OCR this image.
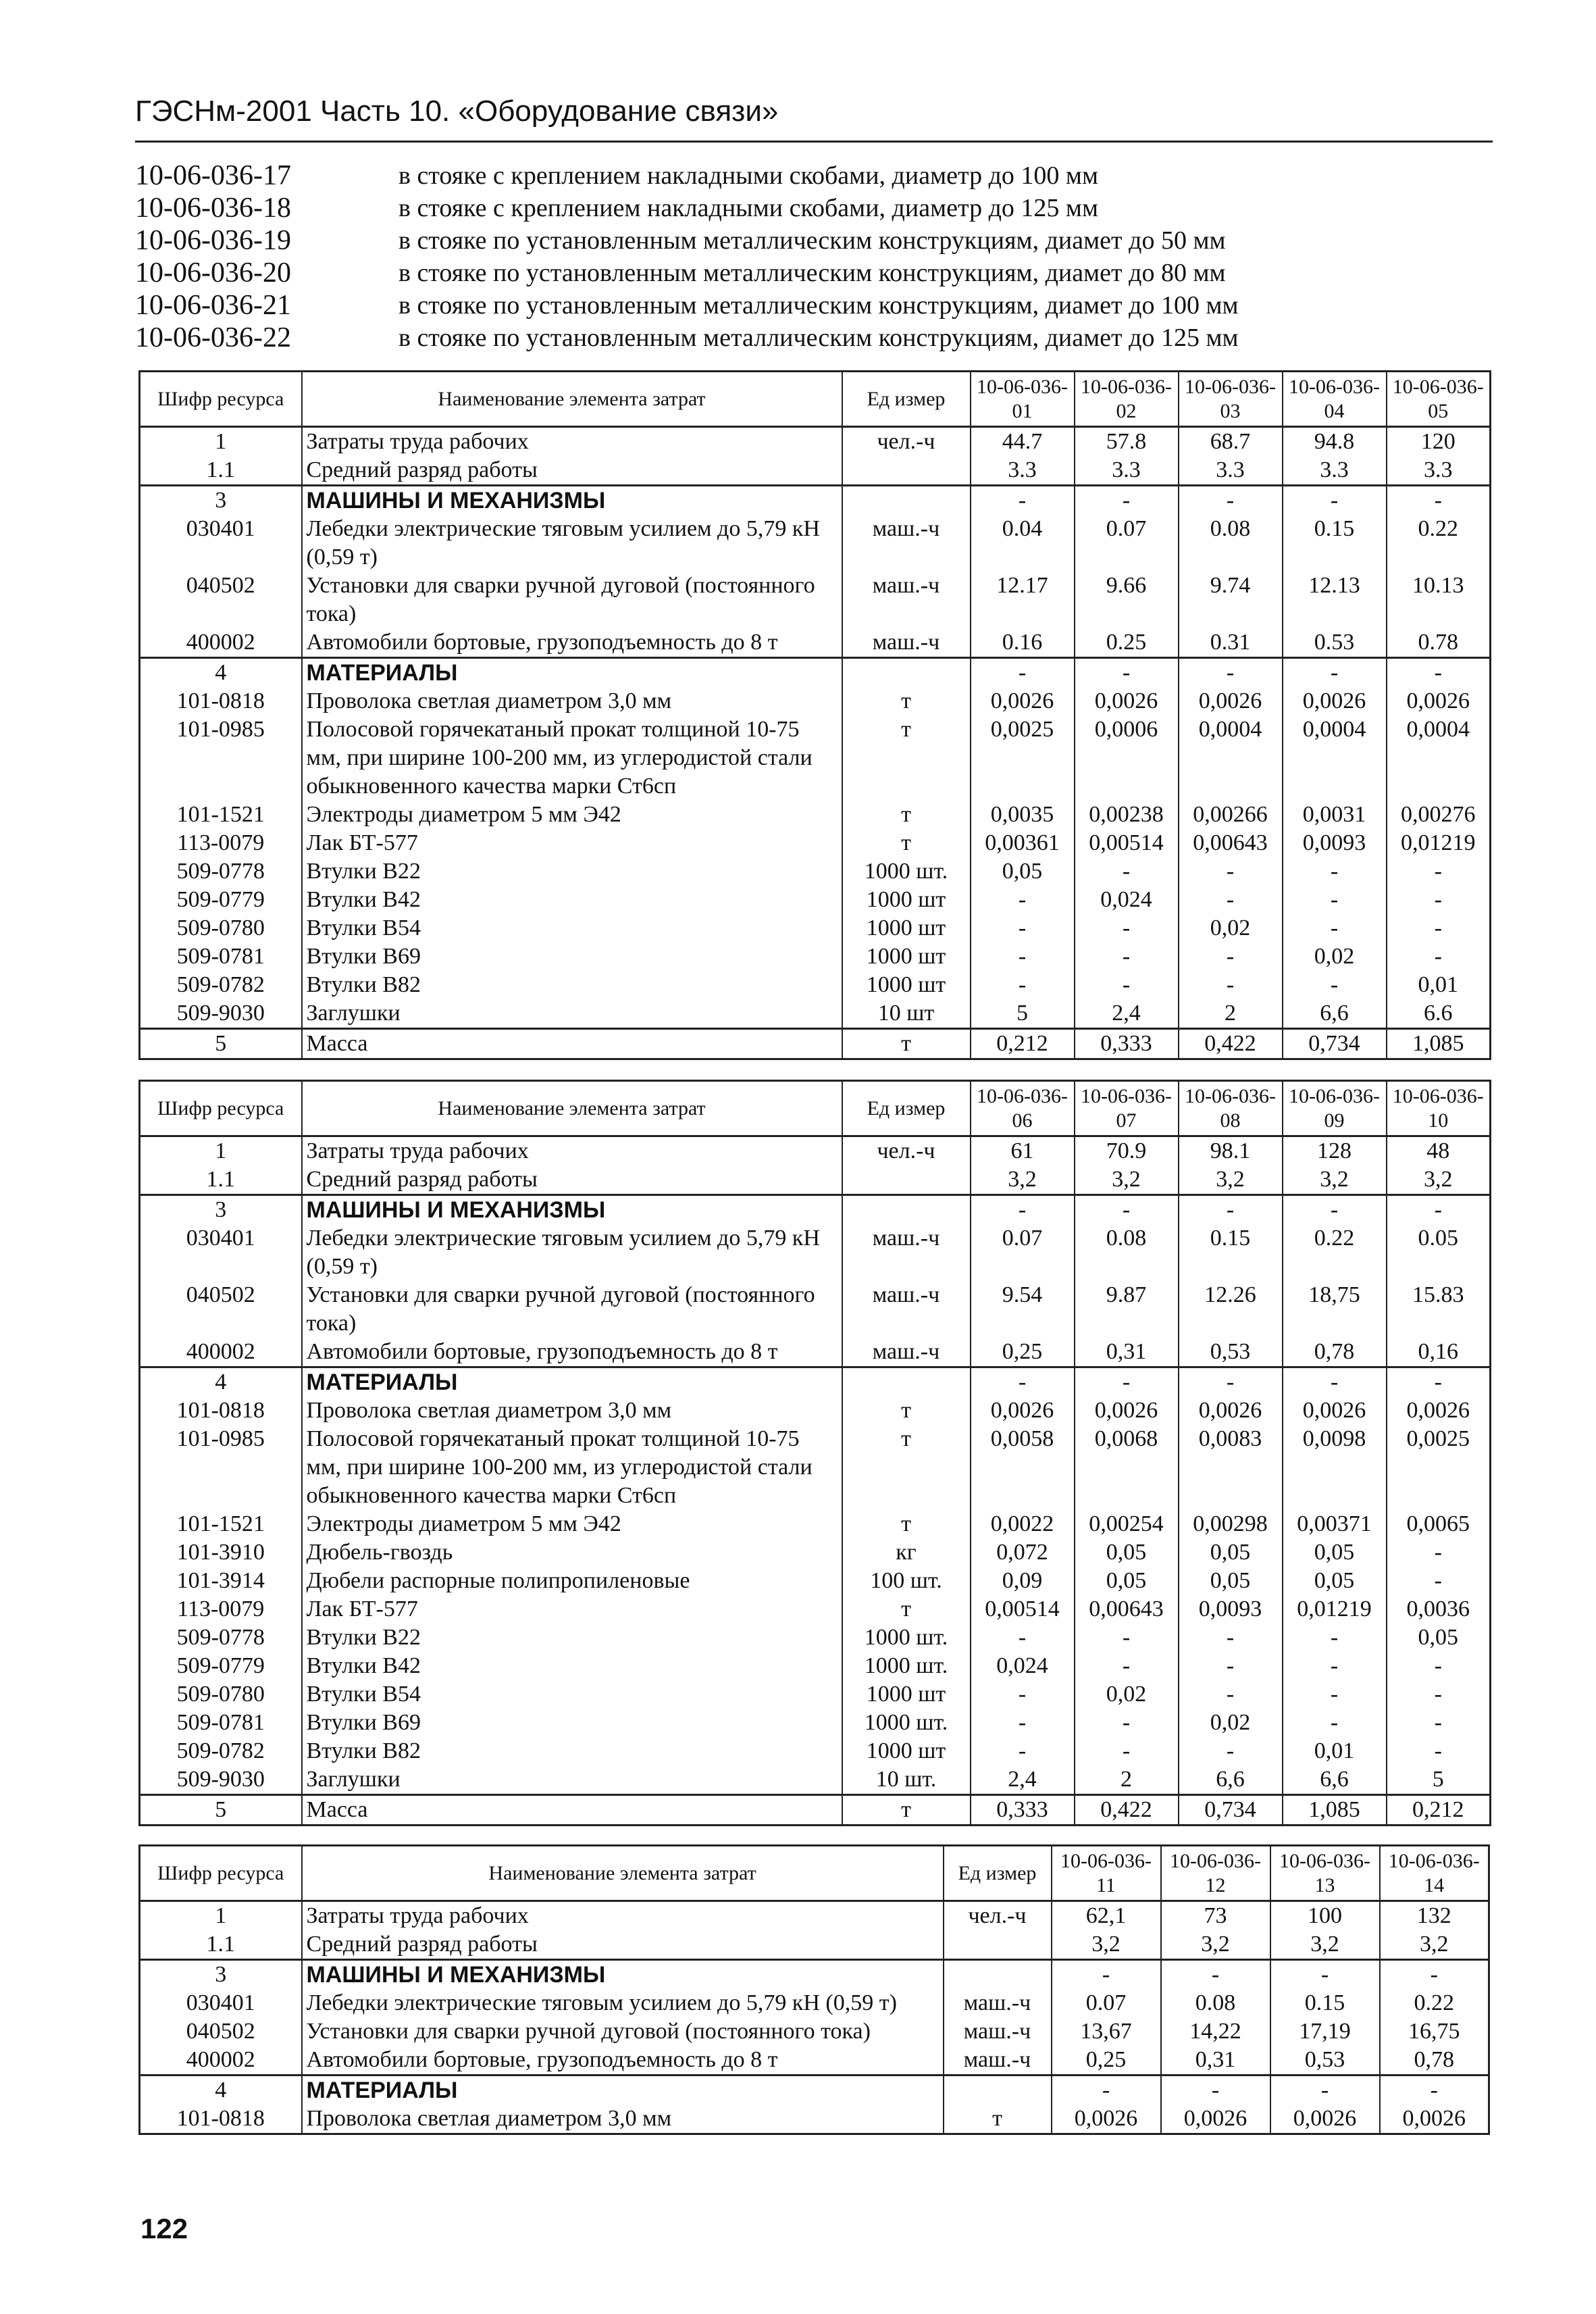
ГЭСНм-2001 Часть 10. «Оборудование связи»
10-06-036-17	в стояке с креплением накладными скобами, диаметр до 100 мм
10-06-036-18	в стояке с креплением накладными скобами, диаметр до 125 мм
10-06-036-19	в стояке по установленным металлическим конструкциям, диамет до 50 мм
10-06-036-20	в стояке по установленным металлическим конструкциям, диамет до 80 мм
10-06-036-21	в стояке по установленным металлическим конструкциям, диамет до 100 мм
10-06-036-22	в стояке по установленным металлическим конструкциям, диамет до 125 мм
Шифр ресурса	Наименование элемента затрат	Ед измер	10-06-036-01	10-06-036-02	10-06-036-03	10-06-036-04	10-06-036-05
1	Затраты труда рабочих	чел.-ч	44.7	57.8	68.7	94.8	120
1.1	Средний разряд работы		3.3	3.3	3.3	3.3	3.3
3	МАШИНЫ И МЕХАНИЗМЫ		-	-	-	-	-
030401	Лебедки электрические тяговым усилием до 5,79 кН (0,59 т)	маш.-ч	0.04	0.07	0.08	0.15	0.22
040502	Установки для сварки ручной дуговой (постоянного тока)	маш.-ч	12.17	9.66	9.74	12.13	10.13
400002	Автомобили бортовые, грузоподъемность до 8 т	маш.-ч	0.16	0.25	0.31	0.53	0.78
4	МАТЕРИАЛЫ		-	-	-	-	-
101-0818	Проволока светлая диаметром 3,0 мм	т	0,0026	0,0026	0,0026	0,0026	0,0026
101-0985	Полосовой горячекатаный прокат толщиной 10-75 мм, при ширине 100-200 мм, из углеродистой стали обыкновенного качества марки Ст6сп	т	0,0025	0,0006	0,0004	0,0004	0,0004
101-1521	Электроды диаметром 5 мм Э42	т	0,0035	0,00238	0,00266	0,0031	0,00276
113-0079	Лак БТ-577	т	0,00361	0,00514	0,00643	0,0093	0,01219
509-0778	Втулки В22	1000 шт.	0,05	-	-	-	-
509-0779	Втулки В42	1000 шт	-	0,024	-	-	-
509-0780	Втулки В54	1000 шт	-	-	0,02	-	-
509-0781	Втулки В69	1000 шт	-	-	-	0,02	-
509-0782	Втулки В82	1000 шт	-	-	-	-	0,01
509-9030	Заглушки	10 шт	5	2,4	2	6,6	6.6
5	Масса	т	0,212	0,333	0,422	0,734	1,085
Шифр ресурса	Наименование элемента затрат	Ед измер	10-06-036-06	10-06-036-07	10-06-036-08	10-06-036-09	10-06-036-10
1	Затраты труда рабочих	чел.-ч	61	70.9	98.1	128	48
1.1	Средний разряд работы		3,2	3,2	3,2	3,2	3,2
3	МАШИНЫ И МЕХАНИЗМЫ		-	-	-	-	-
030401	Лебедки электрические тяговым усилием до 5,79 кН (0,59 т)	маш.-ч	0.07	0.08	0.15	0.22	0.05
040502	Установки для сварки ручной дуговой (постоянного тока)	маш.-ч	9.54	9.87	12.26	18,75	15.83
400002	Автомобили бортовые, грузоподъемность до 8 т	маш.-ч	0,25	0,31	0,53	0,78	0,16
4	МАТЕРИАЛЫ		-	-	-	-	-
101-0818	Проволока светлая диаметром 3,0 мм	т	0,0026	0,0026	0,0026	0,0026	0,0026
101-0985	Полосовой горячекатаный прокат толщиной 10-75 мм, при ширине 100-200 мм, из углеродистой стали обыкновенного качества марки Ст6сп	т	0,0058	0,0068	0,0083	0,0098	0,0025
101-1521	Электроды диаметром 5 мм Э42	т	0,0022	0,00254	0,00298	0,00371	0,0065
101-3910	Дюбель-гвоздь	кг	0,072	0,05	0,05	0,05	-
101-3914	Дюбели распорные полипропиленовые	100 шт.	0,09	0,05	0,05	0,05	-
113-0079	Лак БТ-577	т	0,00514	0,00643	0,0093	0,01219	0,0036
509-0778	Втулки В22	1000 шт.	-	-	-	-	0,05
509-0779	Втулки В42	1000 шт.	0,024	-	-	-	-
509-0780	Втулки В54	1000 шт	-	0,02	-	-	-
509-0781	Втулки В69	1000 шт.	-	-	0,02	-	-
509-0782	Втулки В82	1000 шт	-	-	-	0,01	-
509-9030	Заглушки	10 шт.	2,4	2	6,6	6,6	5
5	Масса	т	0,333	0,422	0,734	1,085	0,212
Шифр ресурса	Наименование элемента затрат	Ед измер	10-06-036-11	10-06-036-12	10-06-036-13	10-06-036-14
1	Затраты труда рабочих	чел.-ч	62,1	73	100	132
1.1	Средний разряд работы		3,2	3,2	3,2	3,2
3	МАШИНЫ И МЕХАНИЗМЫ		-	-	-	-
030401	Лебедки электрические тяговым усилием до 5,79 кН (0,59 т)	маш.-ч	0.07	0.08	0.15	0.22
040502	Установки для сварки ручной дуговой (постоянного тока)	маш.-ч	13,67	14,22	17,19	16,75
400002	Автомобили бортовые, грузоподъемность до 8 т	маш.-ч	0,25	0,31	0,53	0,78
4	МАТЕРИАЛЫ		-	-	-	-
101-0818	Проволока светлая диаметром 3,0 мм	т	0,0026	0,0026	0,0026	0,0026
122
